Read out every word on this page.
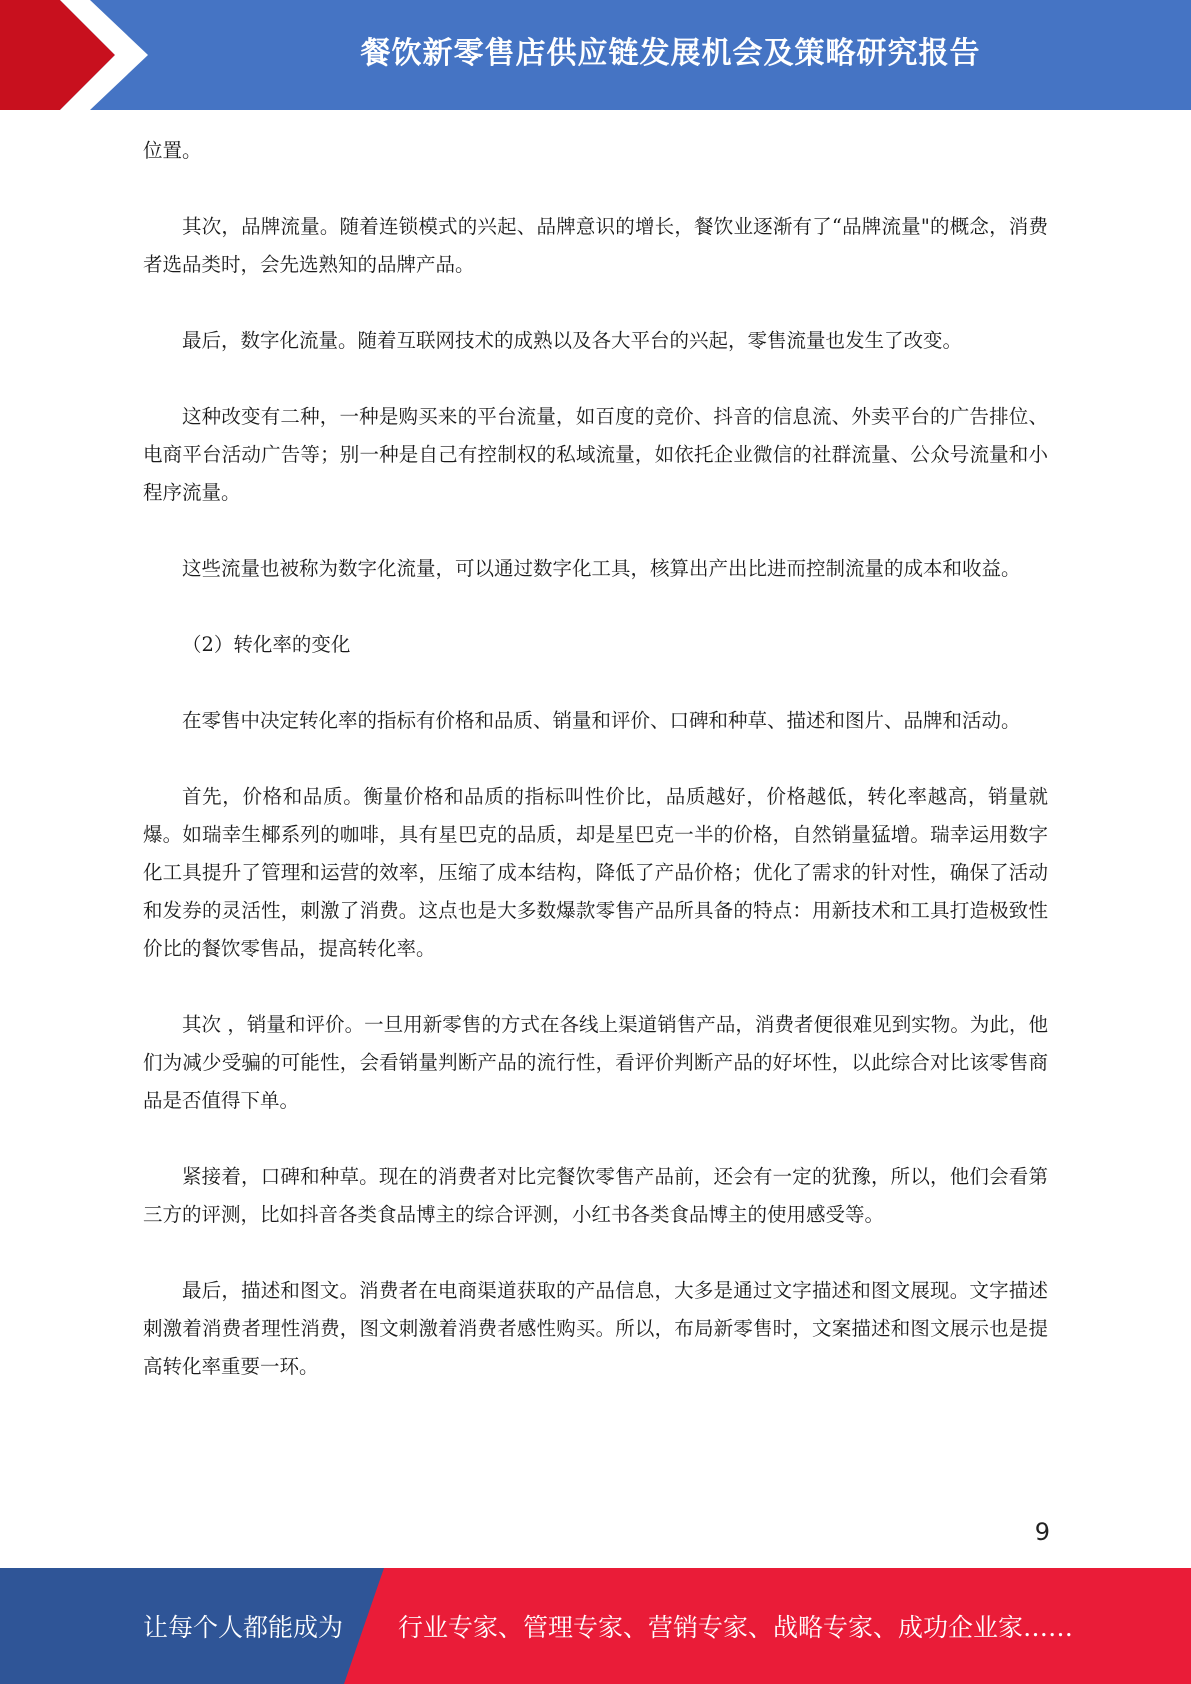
餐饮新零售店供应链发展机会及策略研究报告

位置。

其次，品牌流量。随着连锁模式的兴起、品牌意识的增长，餐饮业逐渐有了“品牌流量"的概念，消费者选品类时，会先选熟知的品牌产品。

最后，数字化流量。随着互联网技术的成熟以及各大平台的兴起，零售流量也发生了改变。

这种改变有二种，一种是购买来的平台流量，如百度的竞价、抖音的信息流、外卖平台的广告排位、电商平台活动广告等；别一种是自己有控制权的私域流量，如依托企业微信的社群流量、公众号流量和小程序流量。

这些流量也被称为数字化流量，可以通过数字化工具，核算出产出比进而控制流量的成本和收益。

（2）转化率的变化

在零售中决定转化率的指标有价格和品质、销量和评价、口碑和种草、描述和图片、品牌和活动。

首先，价格和品质。衡量价格和品质的指标叫性价比，品质越好，价格越低，转化率越高，销量就爆。如瑞幸生椰系列的咖啡，具有星巴克的品质，却是星巴克一半的价格，自然销量猛增。瑞幸运用数字化工具提升了管理和运营的效率，压缩了成本结构，降低了产品价格；优化了需求的针对性，确保了活动和发券的灵活性，刺激了消费。这点也是大多数爆款零售产品所具备的特点：用新技术和工具打造极致性价比的餐饮零售品，提高转化率。

其次 ，销量和评价。一旦用新零售的方式在各线上渠道销售产品，消费者便很难见到实物。为此，他们为减少受骗的可能性，会看销量判断产品的流行性，看评价判断产品的好坏性，以此综合对比该零售商品是否值得下单。

紧接着，口碑和种草。现在的消费者对比完餐饮零售产品前，还会有一定的犹豫，所以，他们会看第三方的评测，比如抖音各类食品博主的综合评测，小红书各类食品博主的使用感受等。

最后，描述和图文。消费者在电商渠道获取的产品信息，大多是通过文字描述和图文展现。文字描述刺激着消费者理性消费，图文刺激着消费者感性购买。所以，布局新零售时，文案描述和图文展示也是提高转化率重要一环。

9
让每个人都能成为 行业专家、管理专家、营销专家、战略专家、成功企业家……
